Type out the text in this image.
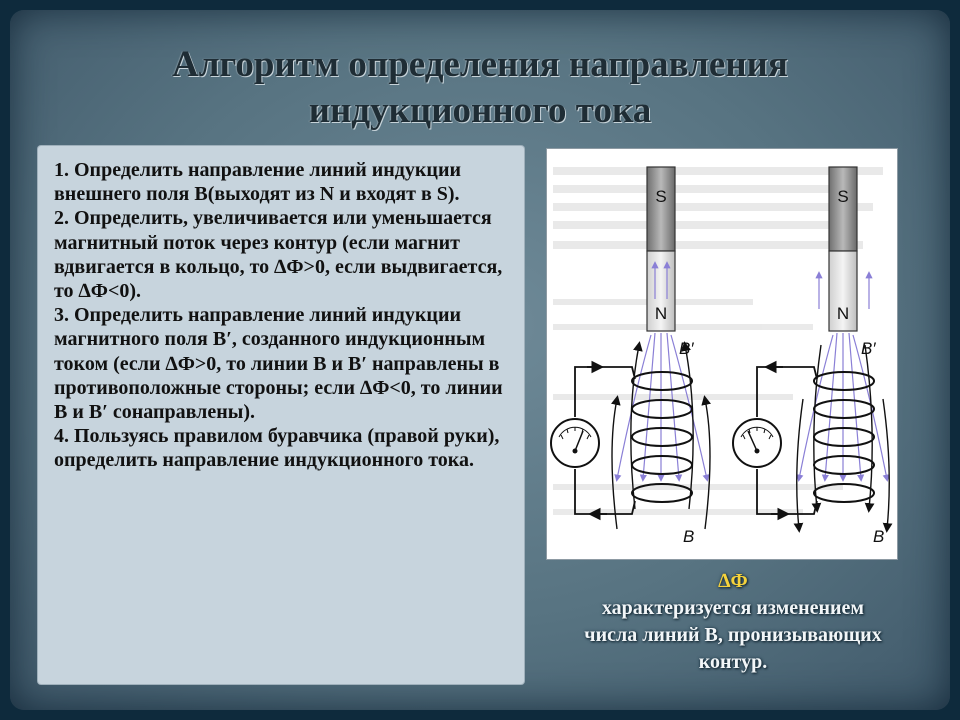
Алгоритм определения направления
индукционного тока

1. Определить направление линий индукции внешнего поля В(выходят из N и входят в S).

2. Определить, увеличивается или уменьшается магнитный поток через контур (если магнит вдвигается в кольцо, то ∆Ф>0, если выдвигается, то ∆Ф<0).

3. Определить направление линий индукции магнитного поля В′, созданного индукционным током (если ∆Ф>0, то линии В и В′ направлены в противоположные стороны; если ∆Ф<0, то линии В и В′ сонаправлены).

4. Пользуясь правилом буравчика (правой руки), определить направление индукционного тока.

S
N
B′
B
S
N
B′
B
∆Ф
характеризуется изменением
числа линий В, пронизывающих
контур.
